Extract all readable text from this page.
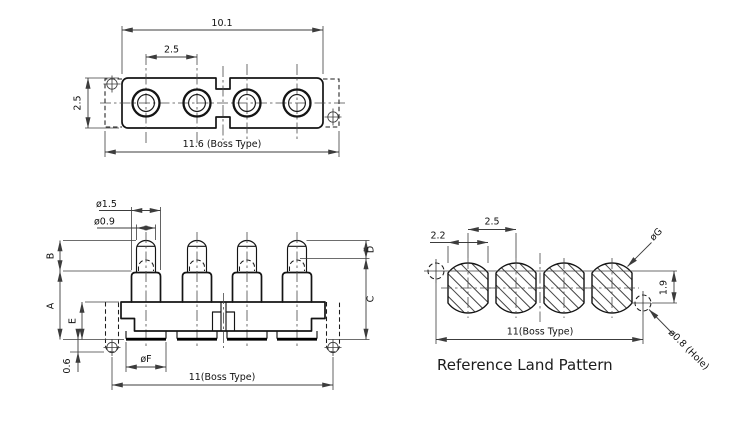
10.1
2.5
2.5
11.6 (Boss Type)
ø1.5
ø0.9
B
A
E
0.6	øF
11(Boss Type)
D
C
1.9
2.5
2.2	øG
ø0.8 (Hole)
11(Boss Type)
Reference Land Pattern
